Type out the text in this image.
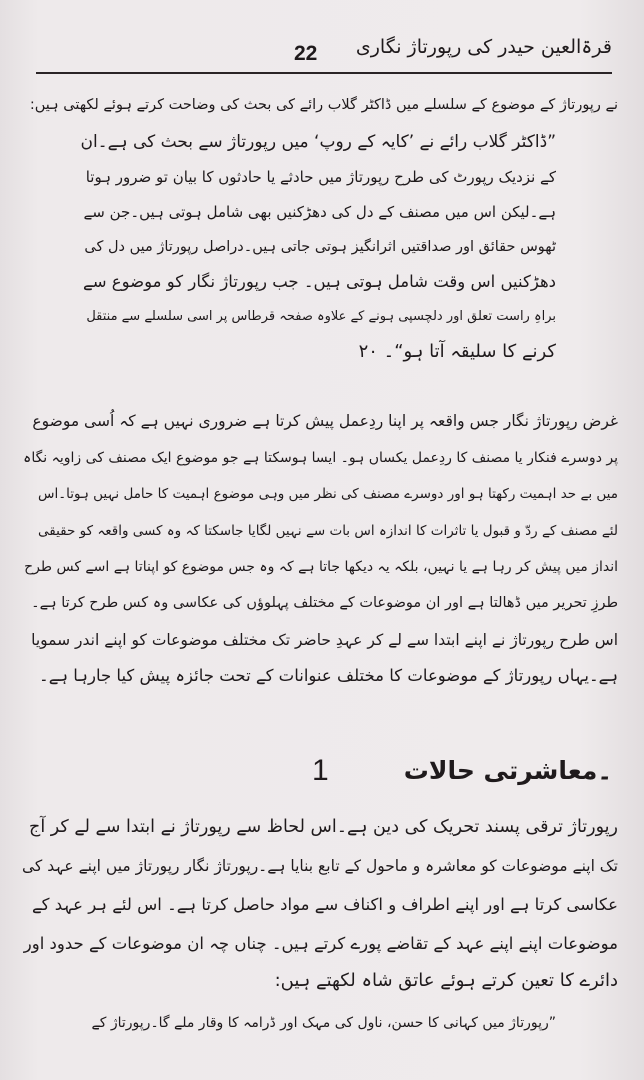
22 قرۃالعین حیدر کی رپورتاژ نگاری
نے رپورتاژ کے موضوع کے سلسلے میں ڈاکٹر گلاب رائے کی بحث کی وضاحت کرتے ہوئے لکھتی ہیں:
”ڈاکٹر گلاب رائے نے ’کایہ کے روپ‘ میں رپورتاژ سے بحث کی ہے۔ان
کے نزدیک رپورٹ کی طرح رپورتاژ میں حادثے یا حادثوں کا بیان تو ضرور ہوتا
ہے۔لیکن اس میں مصنف کے دل کی دھڑکنیں بھی شامل ہوتی ہیں۔جن سے
ٹھوس حقائق اور صداقتیں اثرانگیز ہوتی جاتی ہیں۔دراصل رپورتاژ میں دل کی
دھڑکنیں اس وقت شامل ہوتی ہیں۔ جب رپورتاژ نگار کو موضوع سے
براہِ راست تعلق اور دلچسپی ہونے کے علاوہ صفحہ قرطاس پر اسی سلسلے سے منتقل
کرنے کا سلیقہ آتا ہو“۔ ۲۰
غرض رپورتاژ نگار جس واقعہ پر اپنا ردِعمل پیش کرتا ہے ضروری نہیں ہے کہ اُسی موضوع
پر دوسرے فنکار یا مصنف کا ردِعمل یکساں ہو۔ ایسا ہوسکتا ہے جو موضوع ایک مصنف کی زاویہ نگاہ
میں بے حد اہمیت رکھتا ہو اور دوسرے مصنف کی نظر میں وہی موضوع اہمیت کا حامل نہیں ہوتا۔اس
لئے مصنف کے ردّ و قبول یا تاثرات کا اندازہ اس بات سے نہیں لگایا جاسکتا کہ وہ کسی واقعہ کو حقیقی
انداز میں پیش کر رہا ہے یا نہیں، بلکہ یہ دیکھا جاتا ہے کہ وہ جس موضوع کو اپناتا ہے اسے کس طرح
طرزِ تحریر میں ڈھالتا ہے اور ان موضوعات کے مختلف پہلوؤں کی عکاسی وہ کس طرح کرتا ہے۔
اس طرح رپورتاژ نے اپنے ابتدا سے لے کر عہدِ حاضر تک مختلف موضوعات کو اپنے اندر سمویا
ہے۔یہاں رپورتاژ کے موضوعات کا مختلف عنوانات کے تحت جائزہ پیش کیا جارہا ہے۔
1	۔معاشرتی حالات
رپورتاژ ترقی پسند تحریک کی دین ہے۔اس لحاظ سے رپورتاژ نے ابتدا سے لے کر آج
تک اپنے موضوعات کو معاشرہ و ماحول کے تابع بنایا ہے۔رپورتاژ نگار رپورتاژ میں اپنے عہد کی
عکاسی کرتا ہے اور اپنے اطراف و اکناف سے مواد حاصل کرتا ہے۔ اس لئے ہر عہد کے
موضوعات اپنے اپنے عہد کے تقاضے پورے کرتے ہیں۔ چناں چہ ان موضوعات کے حدود اور
دائرے کا تعین کرتے ہوئے عاتق شاہ لکھتے ہیں:
”رپورتاژ میں کہانی کا حسن، ناول کی مہک اور ڈرامہ کا وقار ملے گا۔رپورتاژ کے
